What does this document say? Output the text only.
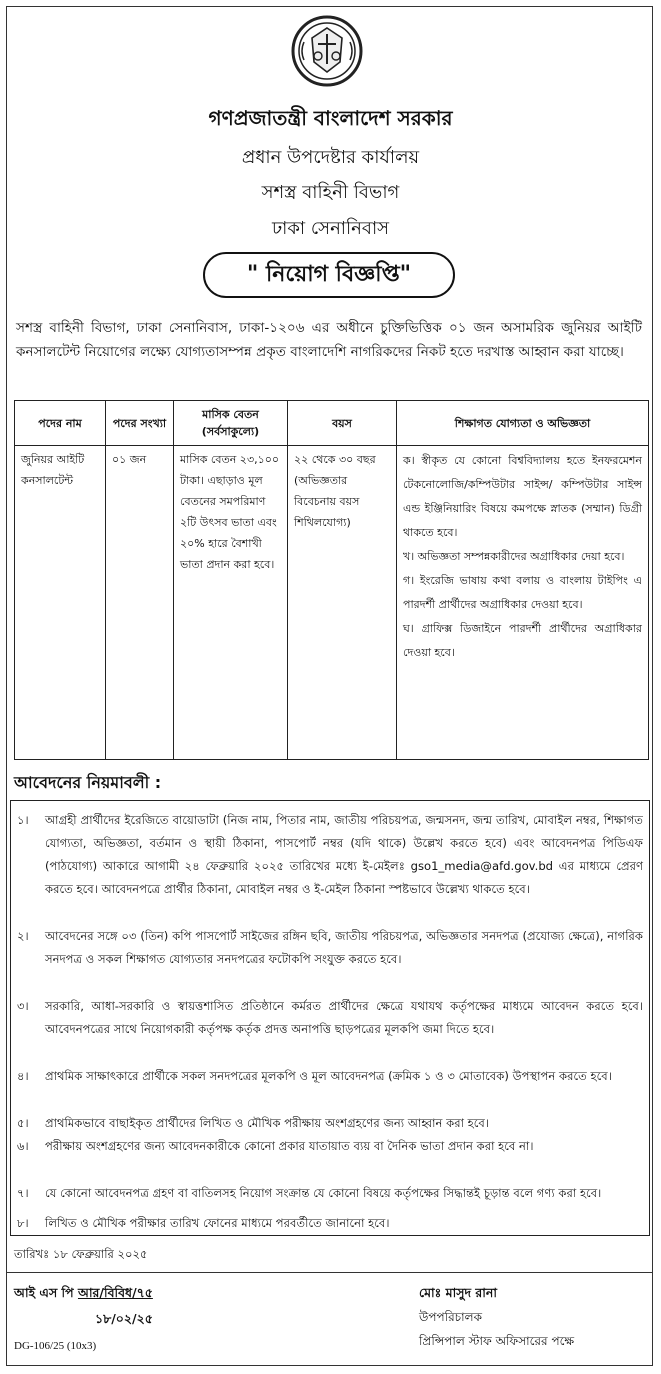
গণপ্রজাতন্ত্রী বাংলাদেশ সরকার
প্রধান উপদেষ্টার কার্যালয়
সশস্ত্র বাহিনী বিভাগ
ঢাকা সেনানিবাস
" নিয়োগ বিজ্ঞপ্তি"
সশস্ত্র বাহিনী বিভাগ, ঢাকা সেনানিবাস, ঢাকা-১২০৬ এর অধীনে চুক্তিভিত্তিক ০১ জন অসামরিক জুনিয়র আইটি কনসালটেন্ট নিয়োগের লক্ষ্যে যোগ্যতাসম্পন্ন প্রকৃত বাংলাদেশি নাগরিকদের নিকট হতে দরখাস্ত আহ্বান করা যাচ্ছে।
পদের নাম	পদের সংখ্যা	মাসিক বেতন (সর্বসাকুল্যে)	বয়স	শিক্ষাগত যোগ্যতা ও অভিজ্ঞতা
জুনিয়র আইটি কনসালটেন্ট	০১ জন	মাসিক বেতন ২৩,১০০ টাকা। এছাড়াও মূল বেতনের সমপরিমাণ ২টি উৎসব ভাতা এবং ২০% হারে বৈশাখী ভাতা প্রদান করা হবে।	২২ থেকে ৩০ বছর (অভিজ্ঞতার বিবেচনায় বয়স শিথিলযোগ্য)	ক। স্বীকৃত যে কোনো বিশ্ববিদ্যালয় হতে ইনফরমেশন টেকনোলোজি/কম্পিউটার সাইন্স/ কম্পিউটার সাইন্স এন্ড ইঞ্জিনিয়ারিং বিষয়ে কমপক্ষে স্নাতক (সম্মান) ডিগ্রী থাকতে হবে।
খ। অভিজ্ঞতা সম্পন্নকারীদের অগ্রাধিকার দেয়া হবে।
গ। ইংরেজি ভাষায় কথা বলায় ও বাংলায় টাইপিং এ পারদর্শী প্রার্থীদের অগ্রাধিকার দেওয়া হবে।
ঘ। গ্রাফিক্স ডিজাইনে পারদর্শী প্রার্থীদের অগ্রাধিকার দেওয়া হবে।
আবেদনের নিয়মাবলী :
১।	আগ্রহী প্রার্থীদের ইরেজিতে বায়োডাটা (নিজ নাম, পিতার নাম, জাতীয় পরিচয়পত্র, জন্মসনদ, জন্ম তারিখ, মোবাইল নম্বর, শিক্ষাগত যোগ্যতা, অভিজ্ঞতা, বর্তমান ও স্থায়ী ঠিকানা, পাসপোর্ট নম্বর (যদি থাকে) উল্লেখ করতে হবে) এবং আবেদনপত্র পিডিএফ (পাঠযোগ্য) আকারে আগামী ২৪ ফেব্রুয়ারি ২০২৫ তারিখের মধ্যে ই-মেইলঃ gso1_media@afd.gov.bd এর মাধ্যমে প্রেরণ করতে হবে। আবেদনপত্রে প্রার্থীর ঠিকানা, মোবাইল নম্বর ও ই-মেইল ঠিকানা স্পষ্টভাবে উল্লেখ্য থাকতে হবে।
২।	আবেদনের সঙ্গে ০৩ (তিন) কপি পাসপোর্ট সাইজের রঙ্গিন ছবি, জাতীয় পরিচয়পত্র, অভিজ্ঞতার সনদপত্র (প্রযোজ্য ক্ষেত্রে), নাগরিক সনদপত্র ও সকল শিক্ষাগত যোগ্যতার সনদপত্রের ফটোকপি সংযুক্ত করতে হবে।
৩।	সরকারি, আধা-সরকারি ও স্বায়ত্তশাসিত প্রতিষ্ঠানে কর্মরত প্রার্থীদের ক্ষেত্রে যথাযথ কর্তৃপক্ষের মাধ্যমে আবেদন করতে হবে। আবেদনপত্রের সাথে নিয়োগকারী কর্তৃপক্ষ কর্তৃক প্রদত্ত অনাপত্তি ছাড়পত্রের মূলকপি জমা দিতে হবে।
৪।	প্রাথমিক সাক্ষাৎকারে প্রার্থীকে সকল সনদপত্রের মূলকপি ও মূল আবেদনপত্র (ক্রমিক ১ ও ৩ মোতাবেক) উপস্থাপন করতে হবে।
৫।	প্রাথমিকভাবে বাছাইকৃত প্রার্থীদের লিখিত ও মৌখিক পরীক্ষায় অংশগ্রহণের জন্য আহ্বান করা হবে।
৬।	পরীক্ষায় অংশগ্রহণের জন্য আবেদনকারীকে কোনো প্রকার যাতায়াত ব্যয় বা দৈনিক ভাতা প্রদান করা হবে না।
৭।	যে কোনো আবেদনপত্র গ্রহণ বা বাতিলসহ নিয়োগ সংক্রান্ত যে কোনো বিষয়ে কর্তৃপক্ষের সিদ্ধান্তই চূড়ান্ত বলে গণ্য করা হবে।
৮।	লিখিত ও মৌখিক পরীক্ষার তারিখ ফোনের মাধ্যমে পরবর্তীতে জানানো হবে।
তারিখঃ ১৮ ফেব্রুয়ারি ২০২৫
আই এস পি আর/বিবিধ/৭৫
১৮/০২/২৫
মোঃ মাসুদ রানা
উপপরিচালক
প্রিন্সিপাল স্টাফ অফিসারের পক্ষে
DG-106/25 (10x3)
